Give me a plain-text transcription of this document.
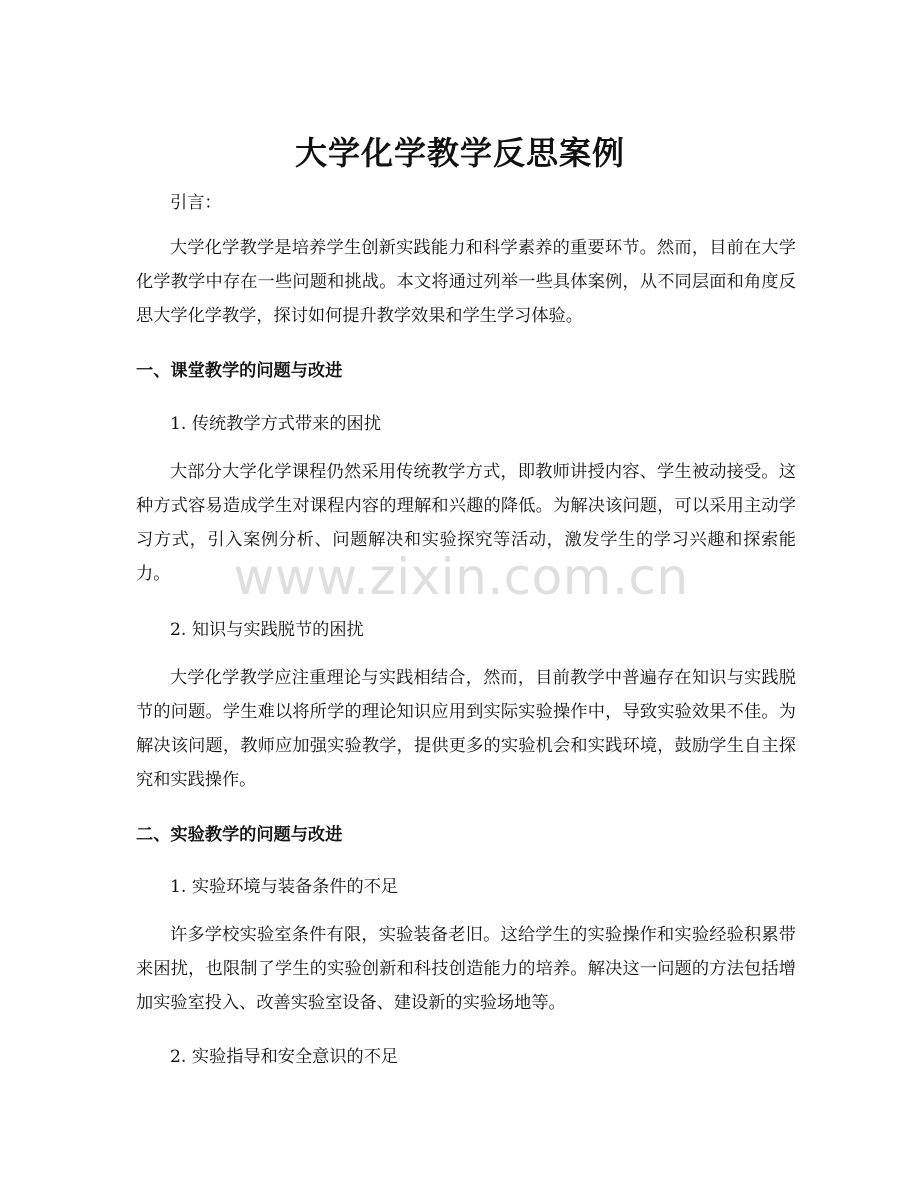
大学化学教学反思案例

引言：

大学化学教学是培养学生创新实践能力和科学素养的重要环节。然而，目前在大学化学教学中存在一些问题和挑战。本文将通过列举一些具体案例，从不同层面和角度反思大学化学教学，探讨如何提升教学效果和学生学习体验。

一、课堂教学的问题与改进

1. 传统教学方式带来的困扰

大部分大学化学课程仍然采用传统教学方式，即教师讲授内容、学生被动接受。这种方式容易造成学生对课程内容的理解和兴趣的降低。为解决该问题，可以采用主动学习方式，引入案例分析、问题解决和实验探究等活动，激发学生的学习兴趣和探索能力。

2. 知识与实践脱节的困扰

大学化学教学应注重理论与实践相结合，然而，目前教学中普遍存在知识与实践脱节的问题。学生难以将所学的理论知识应用到实际实验操作中，导致实验效果不佳。为解决该问题，教师应加强实验教学，提供更多的实验机会和实践环境，鼓励学生自主探究和实践操作。

二、实验教学的问题与改进

1. 实验环境与装备条件的不足

许多学校实验室条件有限，实验装备老旧。这给学生的实验操作和实验经验积累带来困扰，也限制了学生的实验创新和科技创造能力的培养。解决这一问题的方法包括增加实验室投入、改善实验室设备、建设新的实验场地等。

2. 实验指导和安全意识的不足

www.zixin.com.cn
